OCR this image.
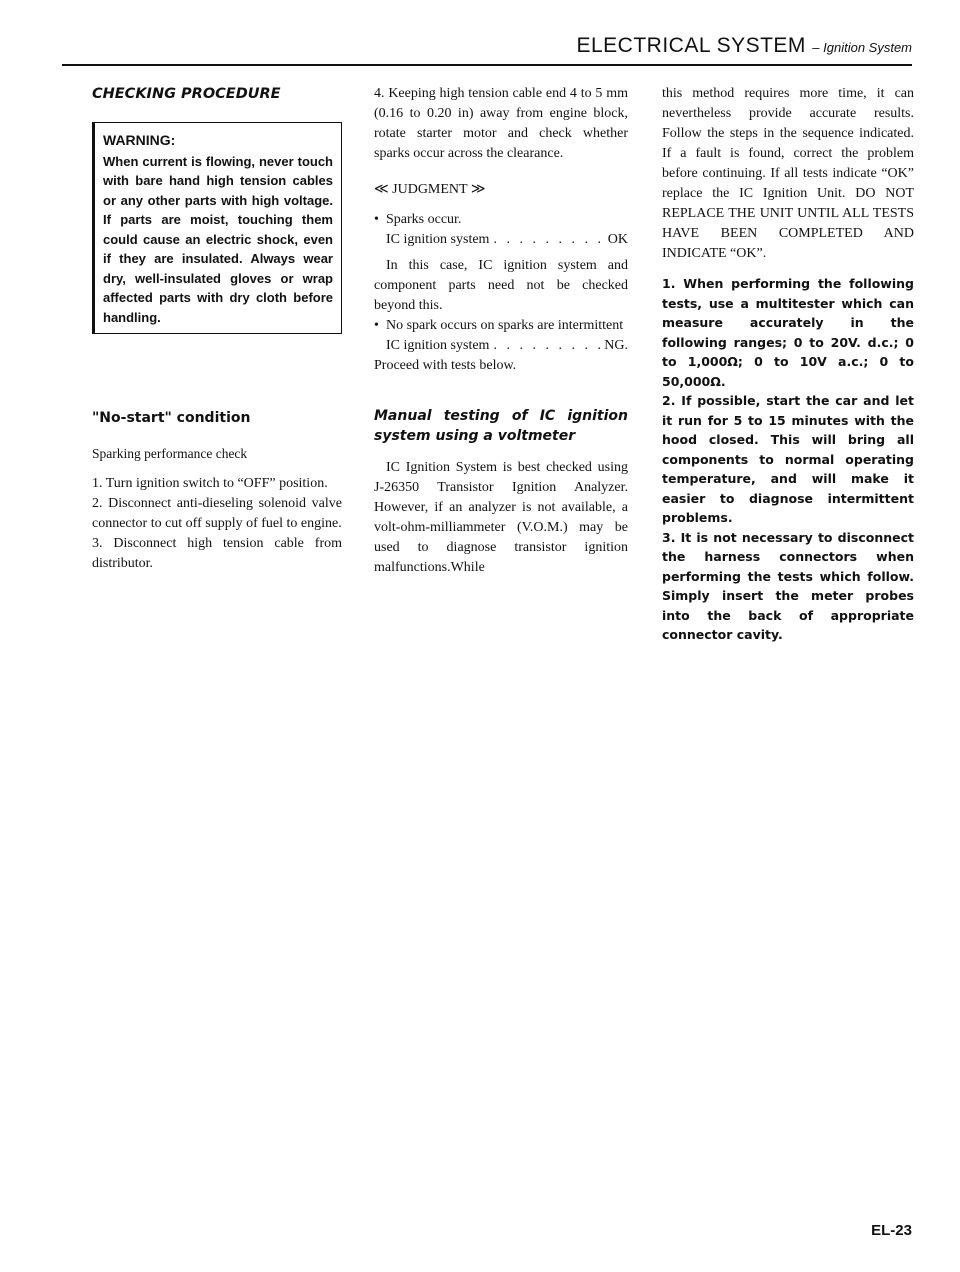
ELECTRICAL SYSTEM – Ignition System

CHECKING PROCEDURE

WARNING:
When current is flowing, never touch with bare hand high tension cables or any other parts with high voltage. If parts are moist, touching them could cause an electric shock, even if they are insulated. Always wear dry, well-insulated gloves or wrap affected parts with dry cloth before handling.

"No-start" condition

Sparking performance check

1. Turn ignition switch to “OFF” position.

2. Disconnect anti-dieseling solenoid valve connector to cut off supply of fuel to engine.

3. Disconnect high tension cable from distributor.

4. Keeping high tension cable end 4 to 5 mm (0.16 to 0.20 in) away from engine block, rotate starter motor and check whether sparks occur across the clearance.

≪ JUDGMENT ≫

• Sparks occur.

IC ignition system . . .	OK

In this case, IC ignition system and component parts need not be checked beyond this.

• No spark occurs on sparks are intermittent

IC ignition system . . .	NG.

Proceed with tests below.

Manual testing of IC ignition system using a voltmeter

IC Ignition System is best checked using J-26350 Transistor Ignition Analyzer. However, if an analyzer is not available, a volt-ohm-milliammeter (V.O.M.) may be used to diagnose transistor ignition malfunctions.While

this method requires more time, it can nevertheless provide accurate results. Follow the steps in the sequence indicated. If a fault is found, correct the problem before continuing. If all tests indicate “OK” replace the IC Ignition Unit. DO NOT REPLACE THE UNIT UNTIL ALL TESTS HAVE BEEN COMPLETED AND INDICATE “OK”.

1. When performing the following tests, use a multitester which can measure accurately in the following ranges; 0 to 20V. d.c.; 0 to 1,000Ω; 0 to 10V a.c.; 0 to 50,000Ω.

2. If possible, start the car and let it run for 5 to 15 minutes with the hood closed. This will bring all components to normal operating temperature, and will make it easier to diagnose intermittent problems.

3. It is not necessary to disconnect the harness connectors when performing the tests which follow. Simply insert the meter probes into the back of appropriate connector cavity.

EL-23
